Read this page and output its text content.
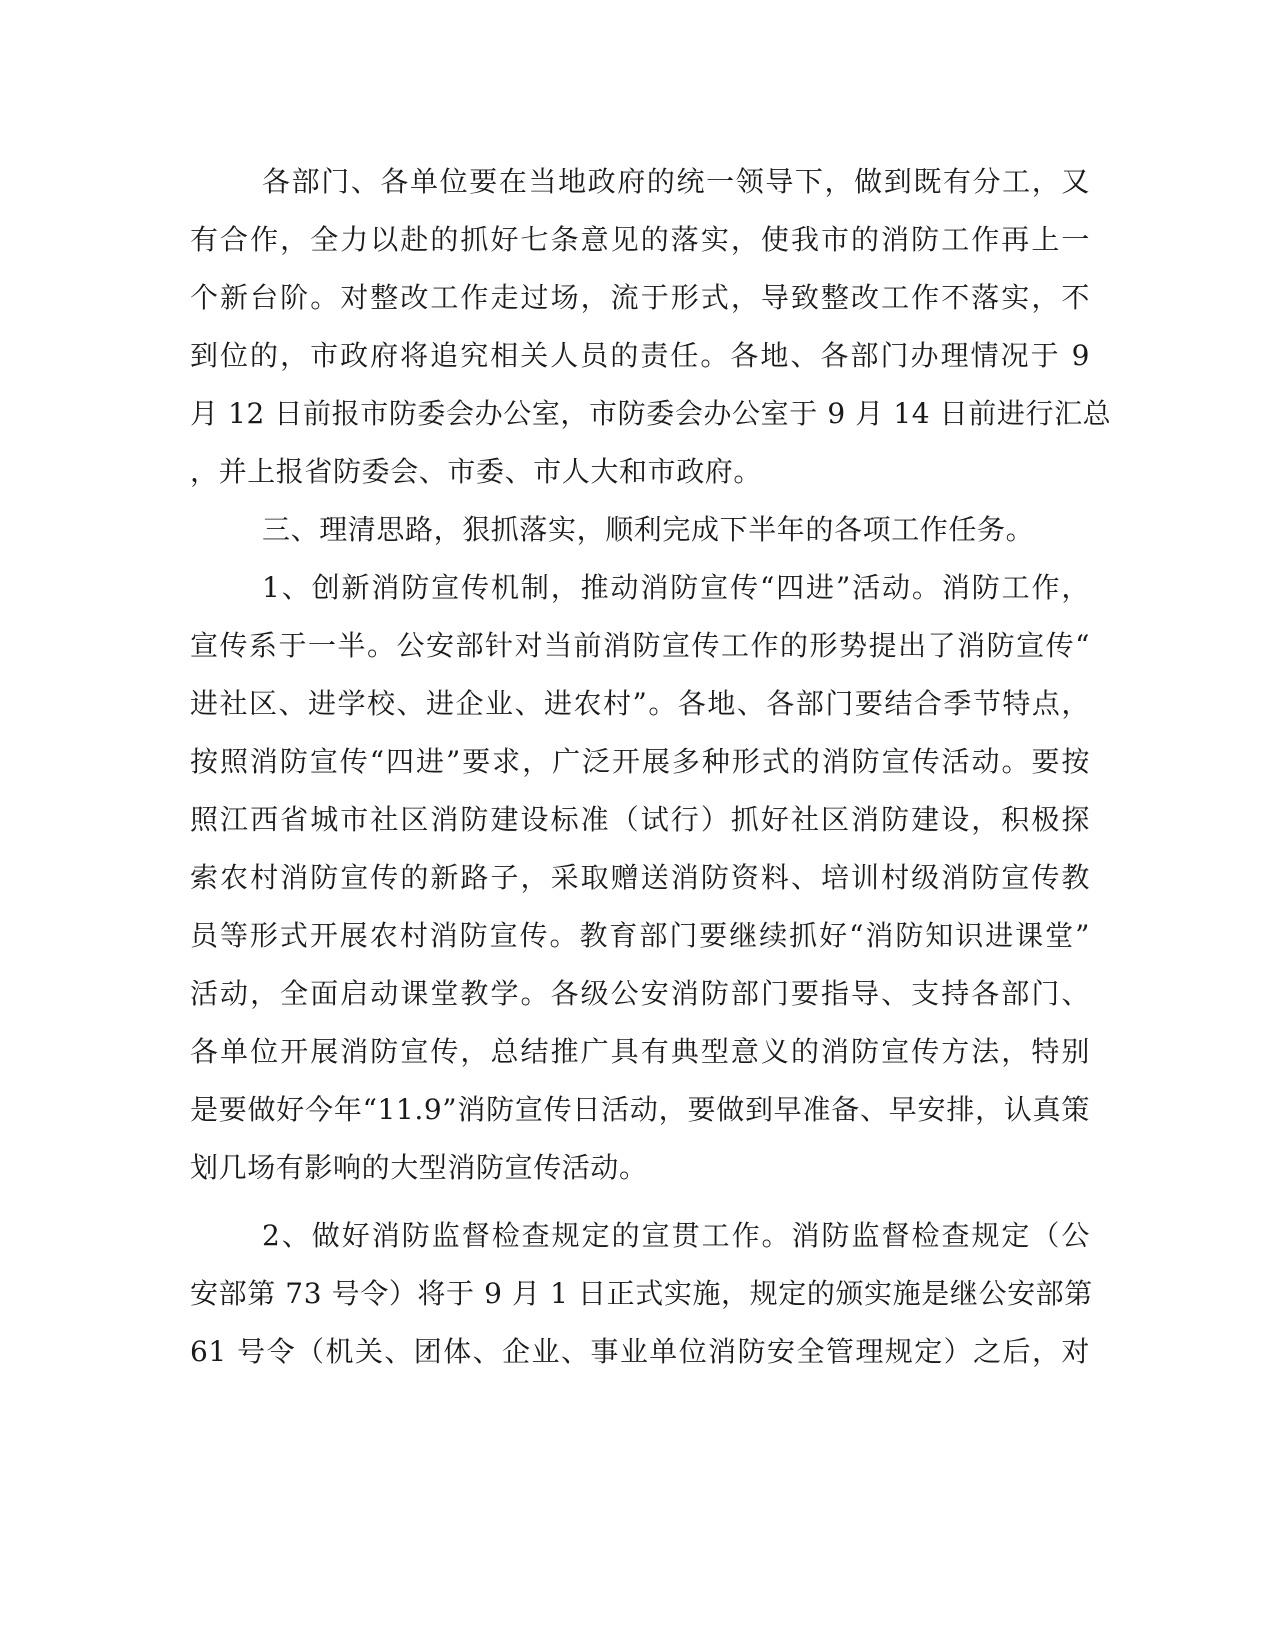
各部门、各单位要在当地政府的统一领导下，做到既有分工，又
有合作，全力以赴的抓好七条意见的落实，使我市的消防工作再上一
个新台阶。对整改工作走过场，流于形式，导致整改工作不落实，不
到位的，市政府将追究相关人员的责任。各地、各部门办理情况于 9
月 12 日前报市防委会办公室，市防委会办公室于 9 月 14 日前进行汇总
，并上报省防委会、市委、市人大和市政府。
三、理清思路，狠抓落实，顺利完成下半年的各项工作任务。
1、创新消防宣传机制，推动消防宣传“四进”活动。消防工作，
宣传系于一半。公安部针对当前消防宣传工作的形势提出了消防宣传“
进社区、进学校、进企业、进农村”。各地、各部门要结合季节特点，
按照消防宣传“四进”要求，广泛开展多种形式的消防宣传活动。要按
照江西省城市社区消防建设标准（试行）抓好社区消防建设，积极探
索农村消防宣传的新路子，采取赠送消防资料、培训村级消防宣传教
员等形式开展农村消防宣传。教育部门要继续抓好“消防知识进课堂”
活动，全面启动课堂教学。各级公安消防部门要指导、支持各部门、
各单位开展消防宣传，总结推广具有典型意义的消防宣传方法，特别
是要做好今年“11.9”消防宣传日活动，要做到早准备、早安排，认真策
划几场有影响的大型消防宣传活动。
2、做好消防监督检查规定的宣贯工作。消防监督检查规定（公
安部第 73 号令）将于 9 月 1 日正式实施，规定的颁实施是继公安部第
61 号令（机关、团体、企业、事业单位消防安全管理规定）之后，对
